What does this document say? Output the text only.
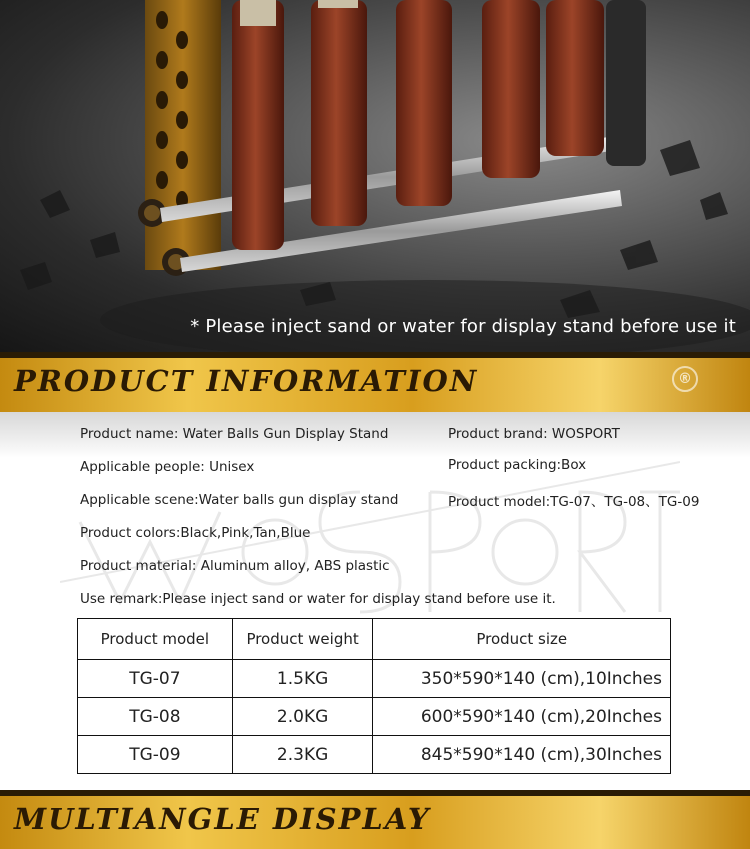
* Please inject sand or water for display stand before use it
PRODUCT INFORMATION	®
Product name: Water Balls Gun Display Stand	Product brand: WOSPORT
Applicable people: Unisex	Product packing:Box
Applicable scene:Water balls gun display stand	Product model:TG-07、TG-08、TG-09
Product colors:Black,Pink,Tan,Blue
Product material: Aluminum alloy, ABS plastic
Use remark:Please inject sand or water for display stand before use it.
Product model	Product weight	Product size
TG-07	1.5KG	350*590*140 (cm),10Inches
TG-08	2.0KG	600*590*140 (cm),20Inches
TG-09	2.3KG	845*590*140 (cm),30Inches
MULTIANGLE DISPLAY
